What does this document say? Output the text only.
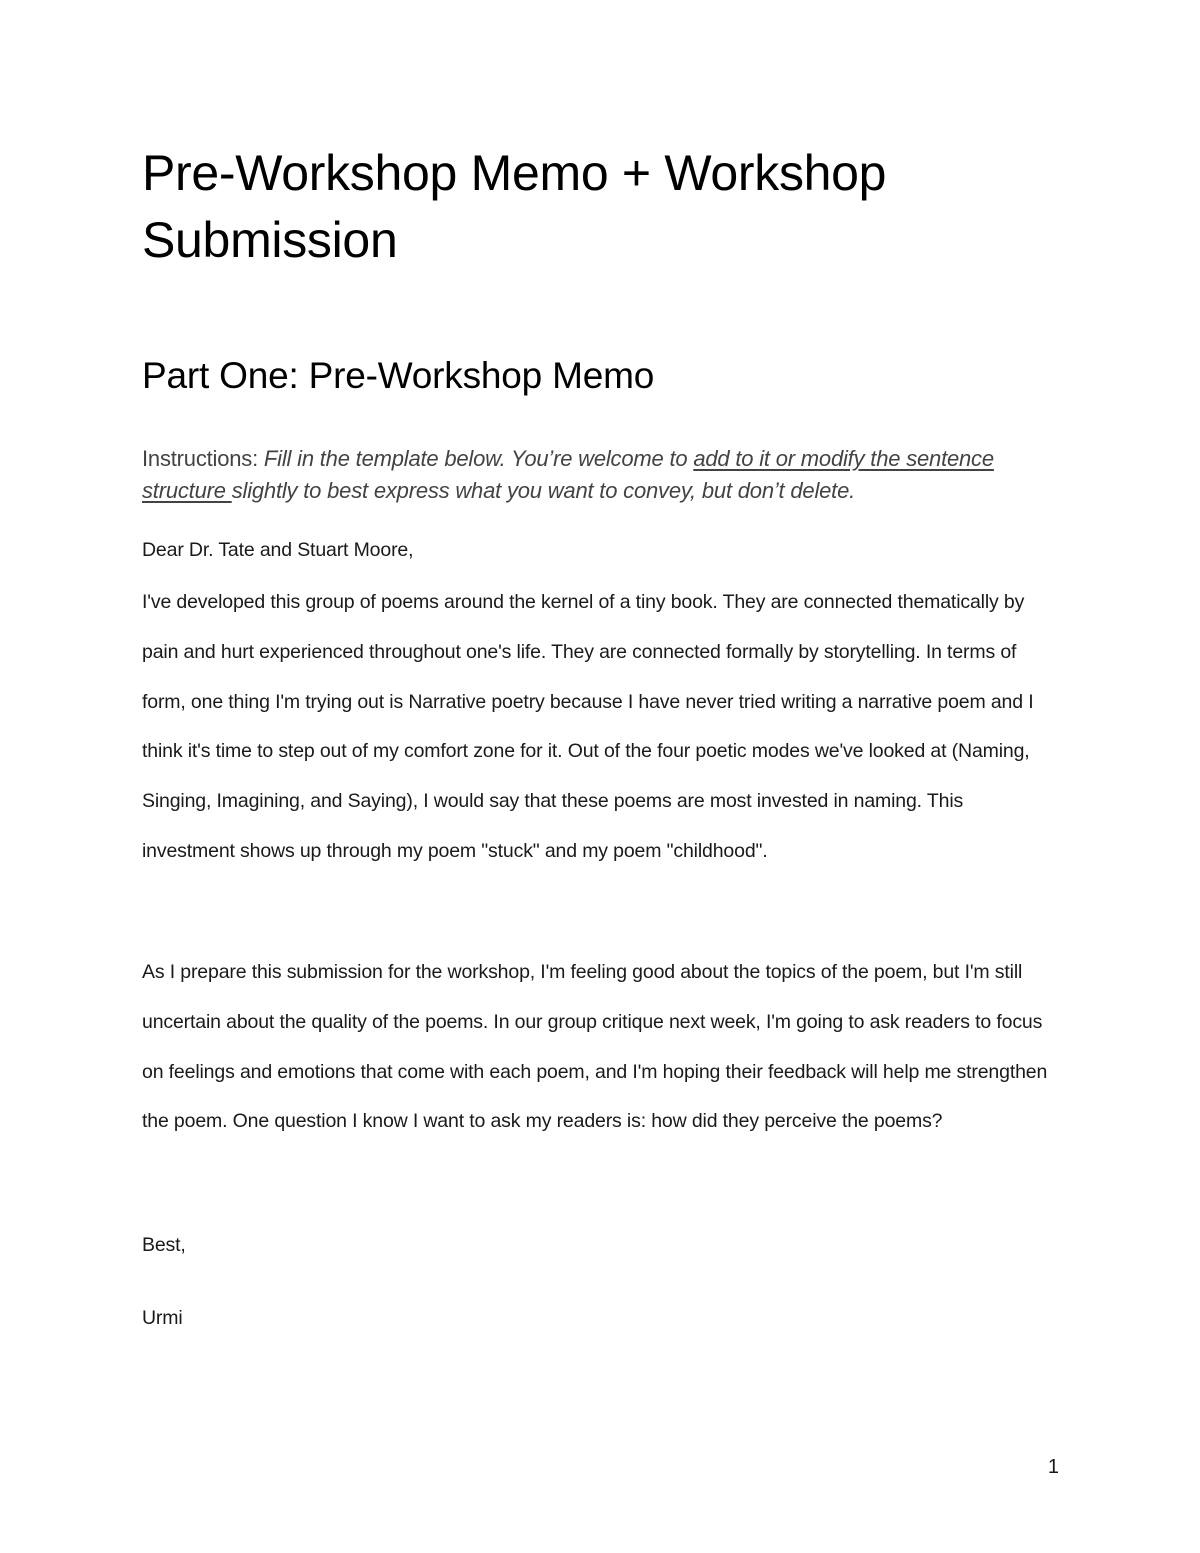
Pre-Workshop Memo + Workshop Submission
Part One: Pre-Workshop Memo

Instructions: Fill in the template below. You’re welcome to add to it or modify the sentence structure slightly to best express what you want to convey, but don’t delete.

Dear Dr. Tate and Stuart Moore,

I've developed this group of poems around the kernel of a tiny book. They are connected thematically by pain and hurt experienced throughout one's life. They are connected formally by storytelling. In terms of form, one thing I'm trying out is Narrative poetry because I have never tried writing a narrative poem and I think it's time to step out of my comfort zone for it. Out of the four poetic modes we've looked at (Naming, Singing, Imagining, and Saying), I would say that these poems are most invested in naming. This investment shows up through my poem "stuck" and my poem "childhood".

As I prepare this submission for the workshop, I'm feeling good about the topics of the poem, but I'm still uncertain about the quality of the poems. In our group critique next week, I'm going to ask readers to focus on feelings and emotions that come with each poem, and I'm hoping their feedback will help me strengthen the poem. One question I know I want to ask my readers is: how did they perceive the poems?

Best,

Urmi

1
